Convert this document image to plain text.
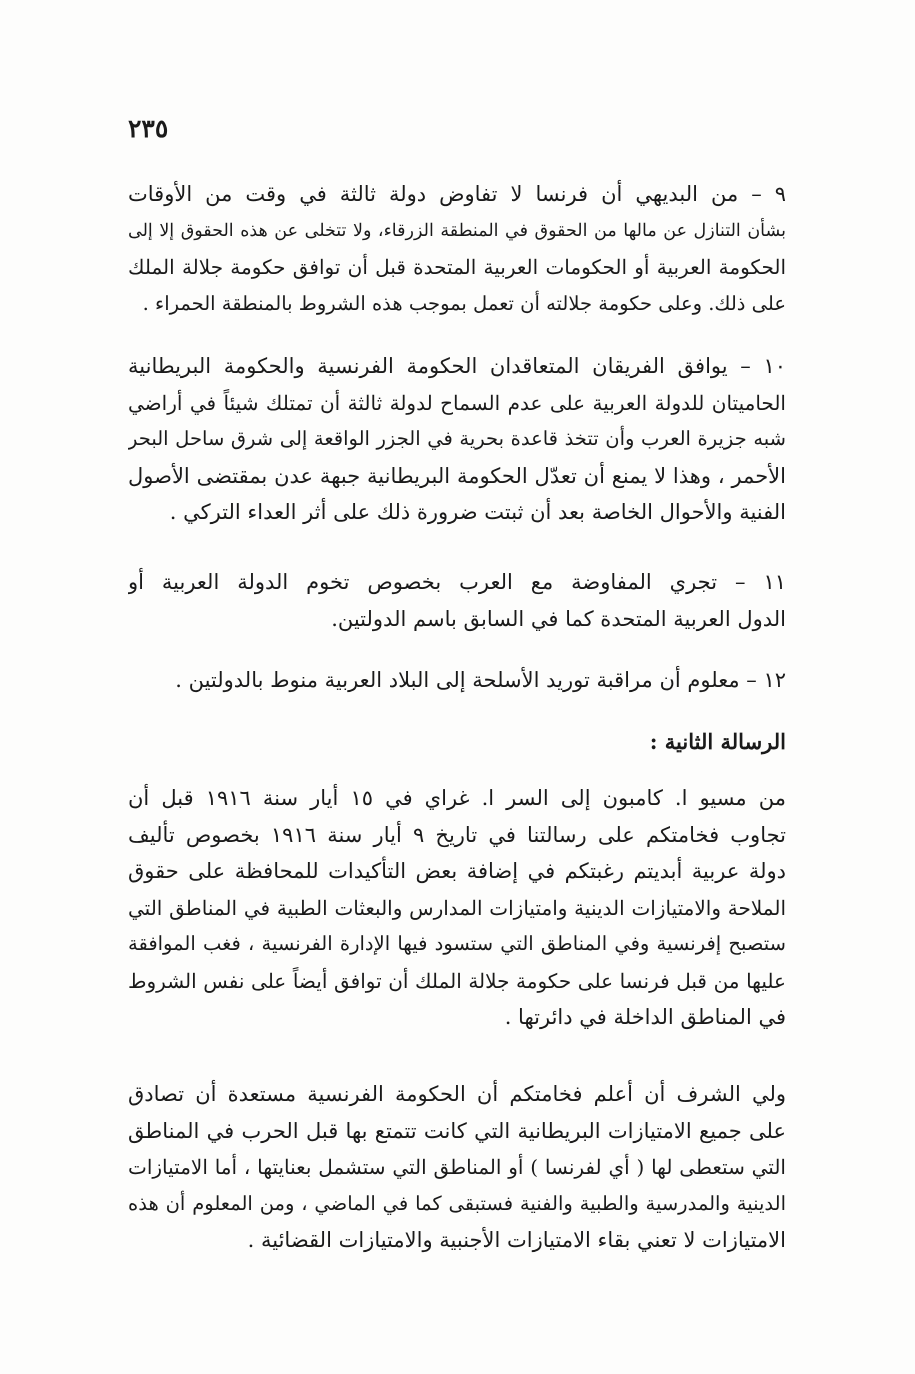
٢٣٥
٩ً – من البديهي أن فرنسا لا تفاوض دولة ثالثة في وقت من الأوقات
بشأن التنازل عن مالها من الحقوق في المنطقة الزرقاء، ولا تتخلى عن هذه الحقوق إلا إلى
الحكومة العربية أو الحكومات العربية المتحدة قبل أن توافق حكومة جلالة الملك
على ذلك. وعلى حكومة جلالته أن تعمل بموجب هذه الشروط بالمنطقة الحمراء .
١٠ً – يوافق الفريقان المتعاقدان الحكومة الفرنسية والحكومة البريطانية
الحاميتان للدولة العربية على عدم السماح لدولة ثالثة أن تمتلك شيئاً في أراضي
شبه جزيرة العرب وأن تتخذ قاعدة بحرية في الجزر الواقعة إلى شرق ساحل البحر
الأحمر ، وهذا لا يمنع أن تعدّل الحكومة البريطانية جبهة عدن بمقتضى الأصول
الفنية والأحوال الخاصة بعد أن ثبتت ضرورة ذلك على أثر العداء التركي .
١١ً – تجري المفاوضة مع العرب بخصوص تخوم الدولة العربية أو
الدول العربية المتحدة كما في السابق باسم الدولتين.
١٢ً – معلوم أن مراقبة توريد الأسلحة إلى البلاد العربية منوط بالدولتين .
الرسالة الثانية :
من مسيو ا. كامبون إلى السر ا. غراي في ١٥ أيار سنة ١٩١٦ قبل أن
تجاوب فخامتكم على رسالتنا في تاريخ ٩ أيار سنة ١٩١٦ بخصوص تأليف
دولة عربية أبديتم رغبتكم في إضافة بعض التأكيدات للمحافظة على حقوق
الملاحة والامتيازات الدينية وامتيازات المدارس والبعثات الطبية في المناطق التي
ستصبح إفرنسية وفي المناطق التي ستسود فيها الإدارة الفرنسية ، فغب الموافقة
عليها من قبل فرنسا على حكومة جلالة الملك أن توافق أيضاً على نفس الشروط
في المناطق الداخلة في دائرتها .
ولي الشرف أن أعلم فخامتكم أن الحكومة الفرنسية مستعدة أن تصادق
على جميع الامتيازات البريطانية التي كانت تتمتع بها قبل الحرب في المناطق
التي ستعطى لها ( أي لفرنسا ) أو المناطق التي ستشمل بعنايتها ، أما الامتيازات
الدينية والمدرسية والطبية والفنية فستبقى كما في الماضي ، ومن المعلوم أن هذه
الامتيازات لا تعني بقاء الامتيازات الأجنبية والامتيازات القضائية .
